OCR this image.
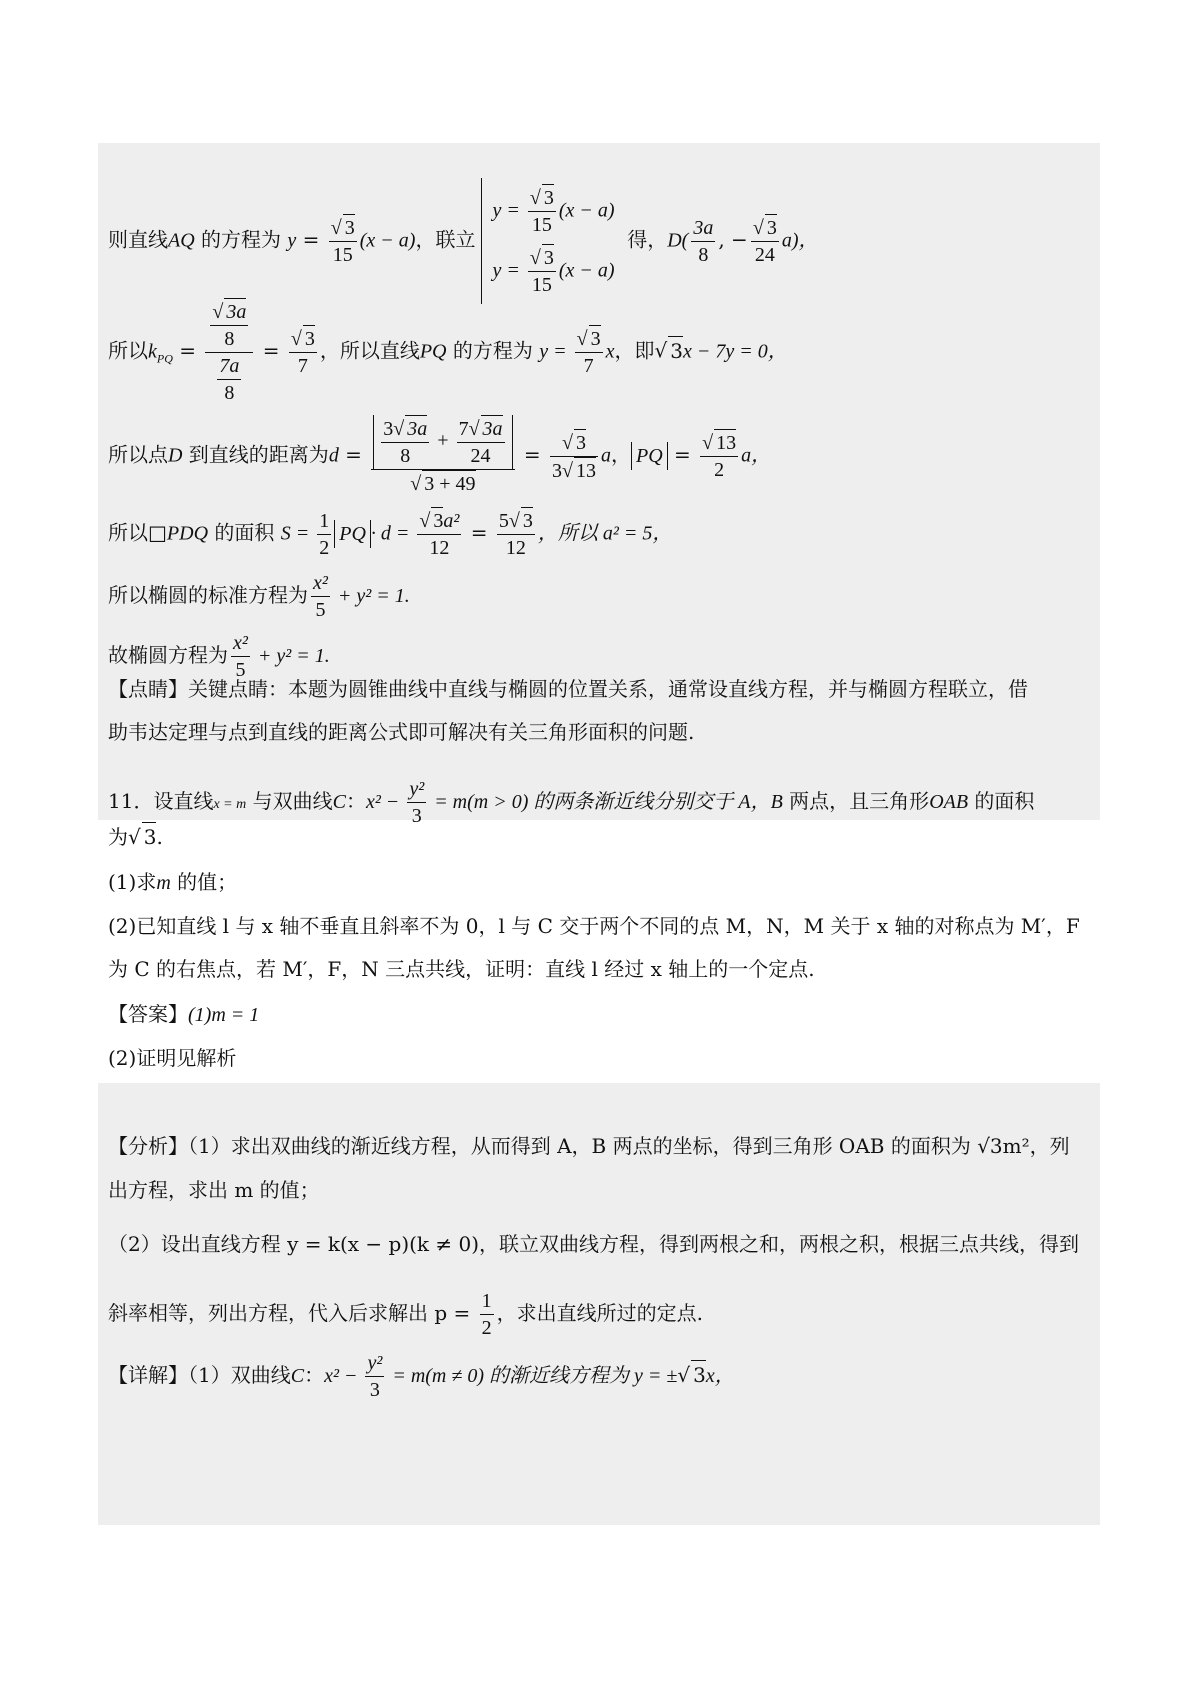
则直线AQ 的方程为 $y = \frac{√ 3}{15} (x - a)$，联立
$y = \frac{√ 3}{15} (x - a)$
$y = \frac{√ 3}{15} (x - a)$
得，$D( \frac{3a}{8}$ , − $\frac{√ 3}{24} a$)，
所以$k_{PQ} = \frac{\frac{√ 3a}{8}}{\frac{7a}{8}} = \frac{√ 3}{7}$ ，所以直线PQ 的方程为 $y = \frac{√ 3}{7}$ x，即√ 3x − 7y = 0，
所以点D 到直线的距离为$d = \frac{\frac{3√ 3a}{8} + \frac{7√ 3a}{24}}{√ 3 + 49} = \frac{√ 3}{3√ 13}$ a， PQ = $\frac{√ 13}{2}$ a，
所以□PDQ 的面积 $S = \frac{1}{2}$ PQ · $d = \frac{\text{√ 3a²}}{12} = \frac{5√ 3}{12}$ ，所以 a² = 5，
所以椭圆的标准方程为 $\frac{\text{x²}}{5} + y^2 = 1$.
故椭圆方程为 $\frac{\text{x²}}{5} + y^2 = 1$.
【点睛】关键点睛：本题为圆锥曲线中直线与椭圆的位置关系，通常设直线方程，并与椭圆方程联立，借
助韦达定理与点到直线的距离公式即可解决有关三角形面积的问题.
11．设直线x = m 与双曲线C：$x^2 - \frac{\text{y²}}{3} = m(m > 0)$ 的两条渐近线分别交于 A，B 两点，且三角形OAB 的面积
为√ 3.
(1)求m 的值；
(2)已知直线 l 与 x 轴不垂直且斜率不为 0，l 与 C 交于两个不同的点 M，N，M 关于 x 轴的对称点为 M′，F
为 C 的右焦点，若 M′，F，N 三点共线，证明：直线 l 经过 x 轴上的一个定点.
【答案】(1)m = 1
(2)证明见解析
【分析】（1）求出双曲线的渐近线方程，从而得到 A，B 两点的坐标，得到三角形 OAB 的面积为 √3m²，列
出方程，求出 m 的值；
（2）设出直线方程 y = k(x − p)(k ≠ 0)，联立双曲线方程，得到两根之和，两根之积，根据三点共线，得到
斜率相等，列出方程，代入后求解出 $p = \frac{1}{2}$ ，求出直线所过的定点.
【详解】（1）双曲线C：$x^2 - \frac{\text{y²}}{3} = m(m \ne 0)$ 的渐近线方程为 y = ±√ 3x，
